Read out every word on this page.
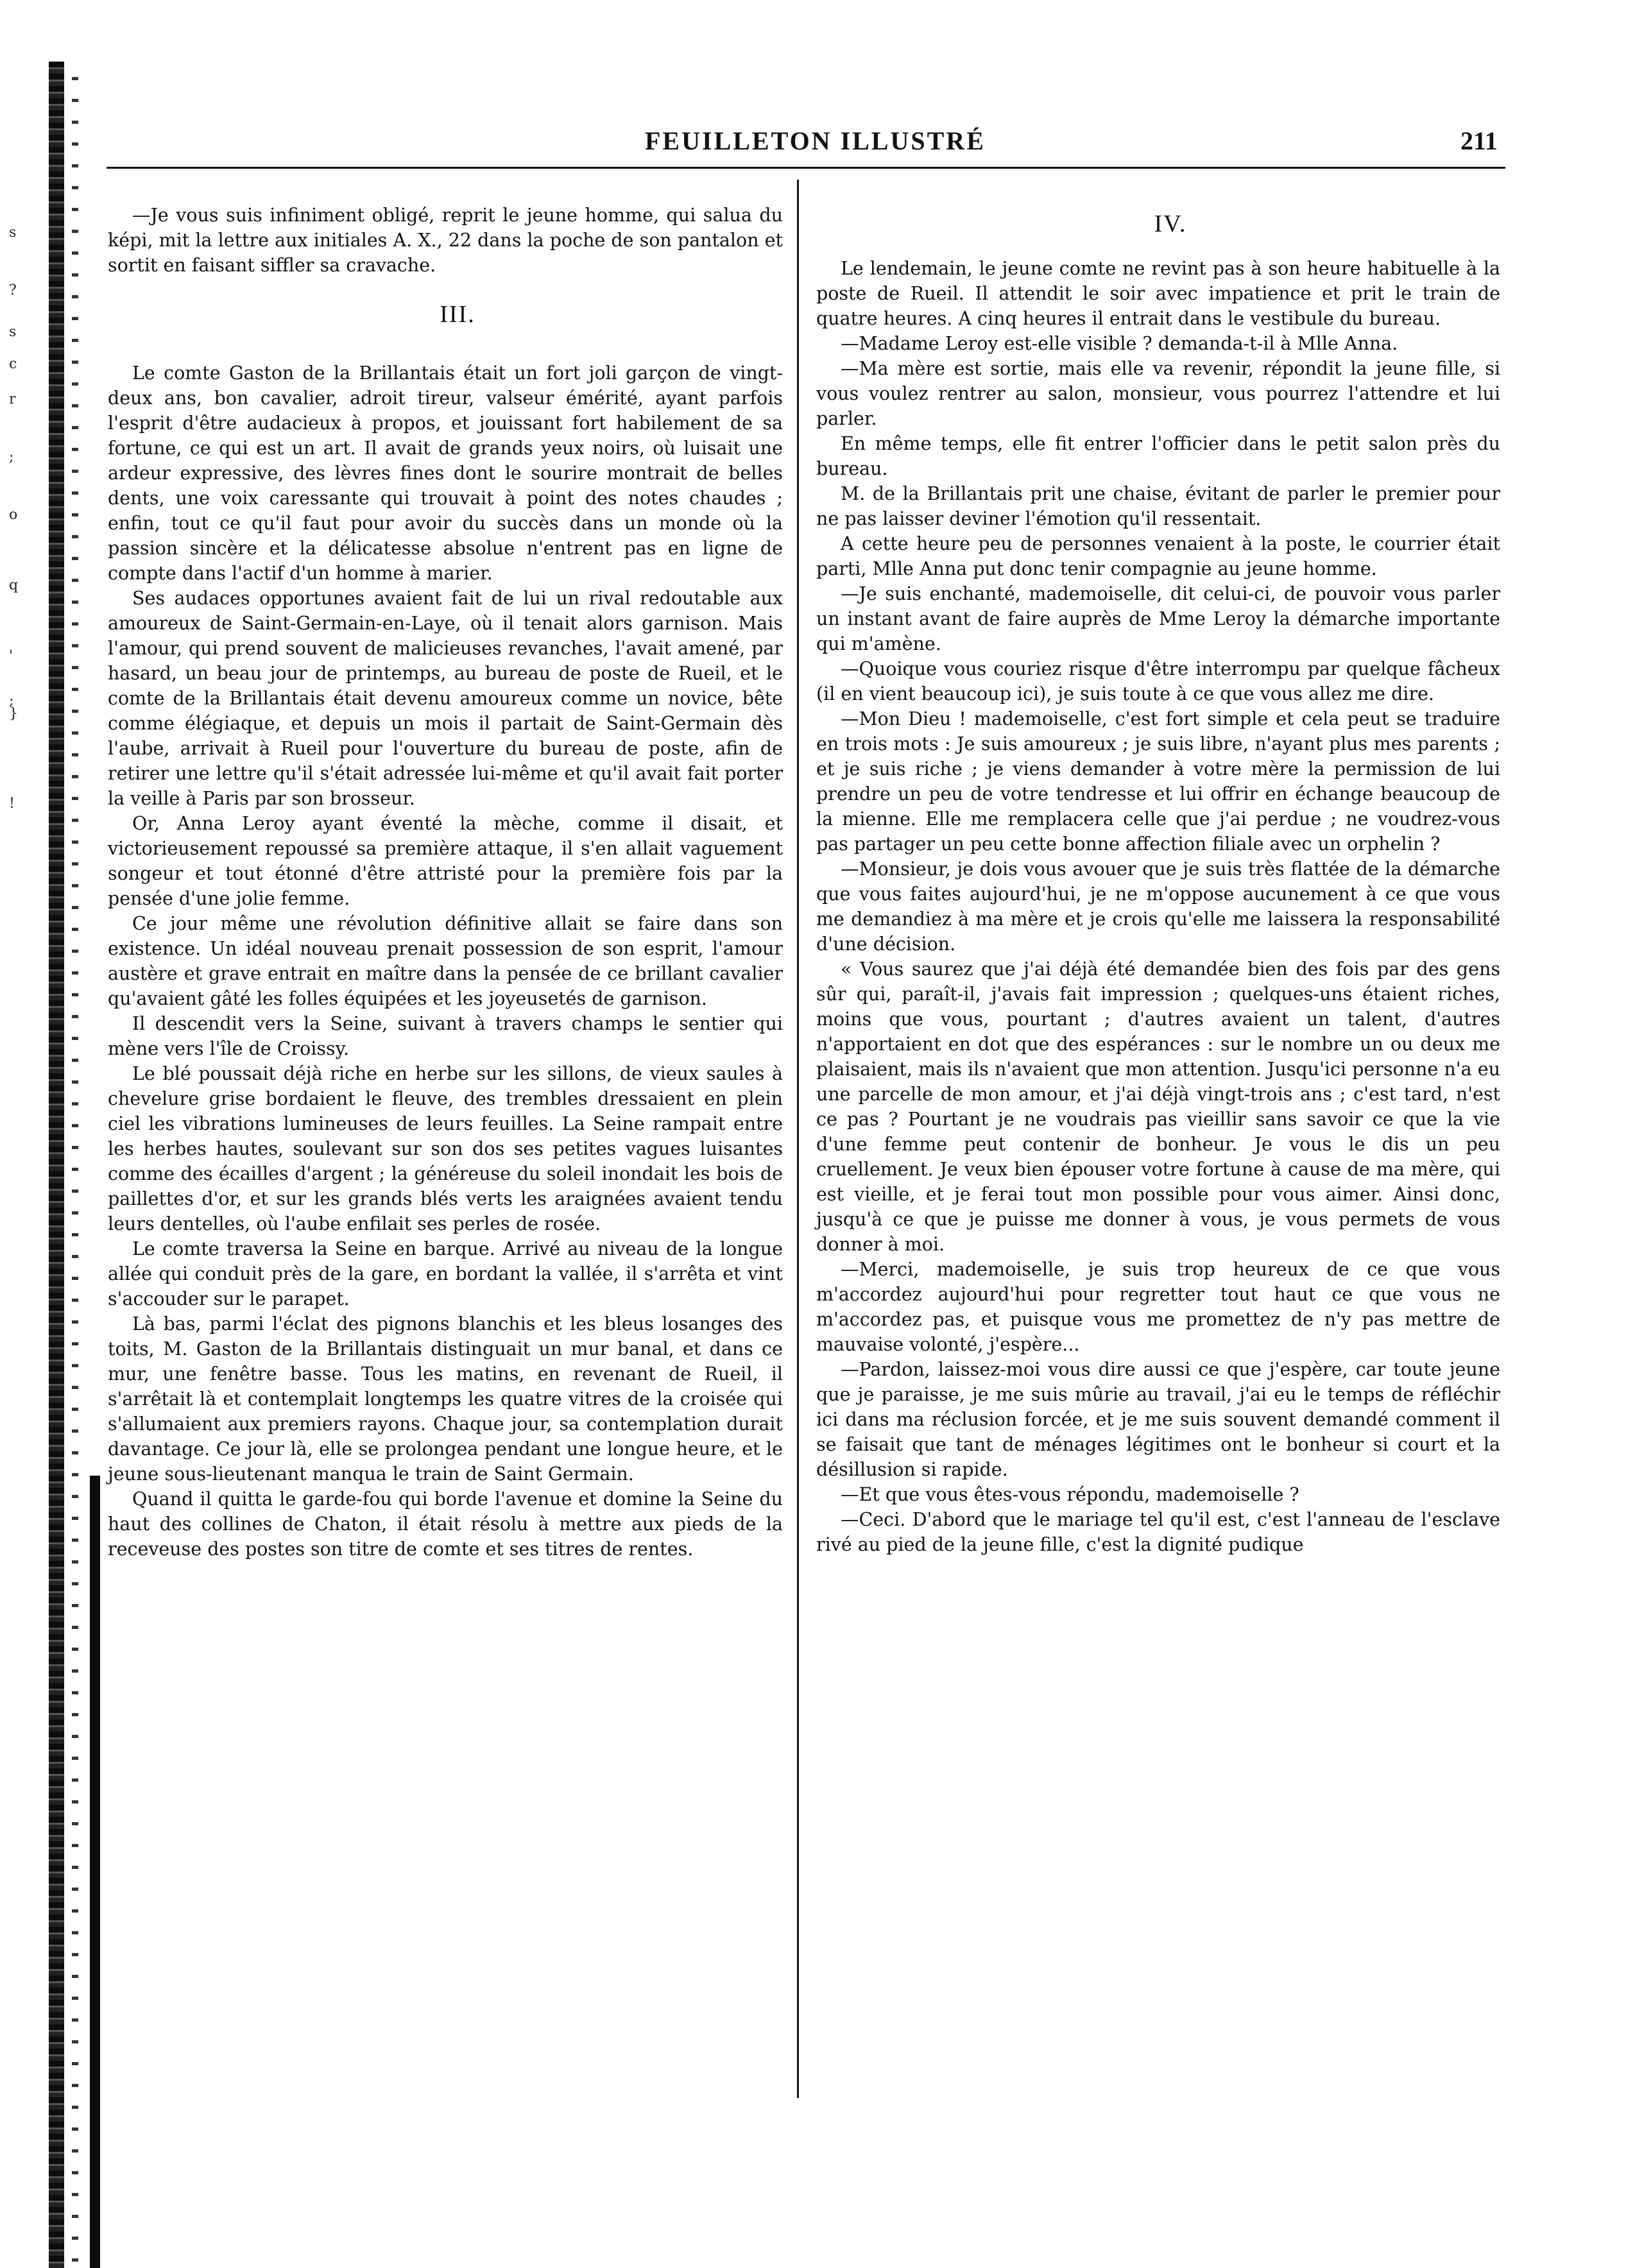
s
?
s
c
r
;
o
q
'
;
}
!
FEUILLETON ILLUSTRÉ	211

—Je vous suis infiniment obligé, reprit le jeune homme, qui salua du képi, mit la lettre aux initiales A. X., 22 dans la poche de son pantalon et sortit en faisant siffler sa cravache.

III.

Le comte Gaston de la Brillantais était un fort joli garçon de vingt-deux ans, bon cavalier, adroit tireur, valseur émérité, ayant parfois l'esprit d'être audacieux à propos, et jouissant fort habilement de sa fortune, ce qui est un art. Il avait de grands yeux noirs, où luisait une ardeur expressive, des lèvres fines dont le sourire montrait de belles dents, une voix caressante qui trouvait à point des notes chaudes ; enfin, tout ce qu'il faut pour avoir du succès dans un monde où la passion sincère et la délicatesse absolue n'entrent pas en ligne de compte dans l'actif d'un homme à marier.

Ses audaces opportunes avaient fait de lui un rival redoutable aux amoureux de Saint-Germain-en-Laye, où il tenait alors garnison. Mais l'amour, qui prend souvent de malicieuses revanches, l'avait amené, par hasard, un beau jour de printemps, au bureau de poste de Rueil, et le comte de la Brillantais était devenu amoureux comme un novice, bête comme élégiaque, et depuis un mois il partait de Saint-Germain dès l'aube, arrivait à Rueil pour l'ouverture du bureau de poste, afin de retirer une lettre qu'il s'était adressée lui-même et qu'il avait fait porter la veille à Paris par son brosseur.

Or, Anna Leroy ayant éventé la mèche, comme il disait, et victorieusement repoussé sa première attaque, il s'en allait vaguement songeur et tout étonné d'être attristé pour la première fois par la pensée d'une jolie femme.

Ce jour même une révolution définitive allait se faire dans son existence. Un idéal nouveau prenait possession de son esprit, l'amour austère et grave entrait en maître dans la pensée de ce brillant cavalier qu'avaient gâté les folles équipées et les joyeusetés de garnison.

Il descendit vers la Seine, suivant à travers champs le sentier qui mène vers l'île de Croissy.

Le blé poussait déjà riche en herbe sur les sillons, de vieux saules à chevelure grise bordaient le fleuve, des trembles dressaient en plein ciel les vibrations lumineuses de leurs feuilles. La Seine rampait entre les herbes hautes, soulevant sur son dos ses petites vagues luisantes comme des écailles d'argent ; la généreuse du soleil inondait les bois de paillettes d'or, et sur les grands blés verts les araignées avaient tendu leurs dentelles, où l'aube enfilait ses perles de rosée.

Le comte traversa la Seine en barque. Arrivé au niveau de la longue allée qui conduit près de la gare, en bordant la vallée, il s'arrêta et vint s'accouder sur le parapet.

Là bas, parmi l'éclat des pignons blanchis et les bleus losanges des toits, M. Gaston de la Brillantais distinguait un mur banal, et dans ce mur, une fenêtre basse. Tous les matins, en revenant de Rueil, il s'arrêtait là et contemplait longtemps les quatre vitres de la croisée qui s'allumaient aux premiers rayons. Chaque jour, sa contemplation durait davantage. Ce jour là, elle se prolongea pendant une longue heure, et le jeune sous-lieutenant manqua le train de Saint Germain.

Quand il quitta le garde-fou qui borde l'avenue et domine la Seine du haut des collines de Chaton, il était résolu à mettre aux pieds de la receveuse des postes son titre de comte et ses titres de rentes.

IV.

Le lendemain, le jeune comte ne revint pas à son heure habituelle à la poste de Rueil. Il attendit le soir avec impatience et prit le train de quatre heures. A cinq heures il entrait dans le vestibule du bureau.

—Madame Leroy est-elle visible ? demanda-t-il à Mlle Anna.

—Ma mère est sortie, mais elle va revenir, répondit la jeune fille, si vous voulez rentrer au salon, monsieur, vous pourrez l'attendre et lui parler.

En même temps, elle fit entrer l'officier dans le petit salon près du bureau.

M. de la Brillantais prit une chaise, évitant de parler le premier pour ne pas laisser deviner l'émotion qu'il ressentait.

A cette heure peu de personnes venaient à la poste, le courrier était parti, Mlle Anna put donc tenir compagnie au jeune homme.

—Je suis enchanté, mademoiselle, dit celui-ci, de pouvoir vous parler un instant avant de faire auprès de Mme Leroy la démarche importante qui m'amène.

—Quoique vous couriez risque d'être interrompu par quelque fâcheux (il en vient beaucoup ici), je suis toute à ce que vous allez me dire.

—Mon Dieu ! mademoiselle, c'est fort simple et cela peut se traduire en trois mots : Je suis amoureux ; je suis libre, n'ayant plus mes parents ; et je suis riche ; je viens demander à votre mère la permission de lui prendre un peu de votre tendresse et lui offrir en échange beaucoup de la mienne. Elle me remplacera celle que j'ai perdue ; ne voudrez-vous pas partager un peu cette bonne affection filiale avec un orphelin ?

—Monsieur, je dois vous avouer que je suis très flattée de la démarche que vous faites aujourd'hui, je ne m'oppose aucunement à ce que vous me demandiez à ma mère et je crois qu'elle me laissera la responsabilité d'une décision.

« Vous saurez que j'ai déjà été demandée bien des fois par des gens sûr qui, paraît-il, j'avais fait impression ; quelques-uns étaient riches, moins que vous, pourtant ; d'autres avaient un talent, d'autres n'apportaient en dot que des espérances : sur le nombre un ou deux me plaisaient, mais ils n'avaient que mon attention. Jusqu'ici personne n'a eu une parcelle de mon amour, et j'ai déjà vingt-trois ans ; c'est tard, n'est ce pas ? Pourtant je ne voudrais pas vieillir sans savoir ce que la vie d'une femme peut contenir de bonheur. Je vous le dis un peu cruellement. Je veux bien épouser votre fortune à cause de ma mère, qui est vieille, et je ferai tout mon possible pour vous aimer. Ainsi donc, jusqu'à ce que je puisse me donner à vous, je vous permets de vous donner à moi.

—Merci, mademoiselle, je suis trop heureux de ce que vous m'accordez aujourd'hui pour regretter tout haut ce que vous ne m'accordez pas, et puisque vous me promettez de n'y pas mettre de mauvaise volonté, j'espère...

—Pardon, laissez-moi vous dire aussi ce que j'espère, car toute jeune que je paraisse, je me suis mûrie au travail, j'ai eu le temps de réfléchir ici dans ma réclusion forcée, et je me suis souvent demandé comment il se faisait que tant de ménages légitimes ont le bonheur si court et la désillusion si rapide.

—Et que vous êtes-vous répondu, mademoiselle ?

—Ceci. D'abord que le mariage tel qu'il est, c'est l'anneau de l'esclave rivé au pied de la jeune fille, c'est la dignité pudique
